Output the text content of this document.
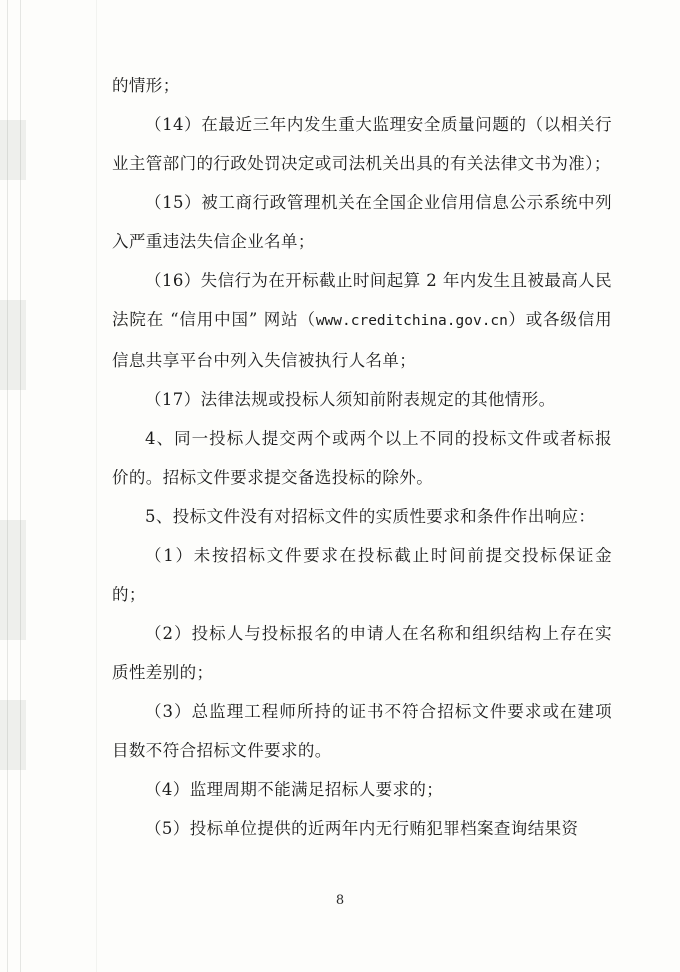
的情形；

（14）在最近三年内发生重大监理安全质量问题的（以相关行业主管部门的行政处罚决定或司法机关出具的有关法律文书为准）；

（15）被工商行政管理机关在全国企业信用信息公示系统中列入严重违法失信企业名单；

（16）失信行为在开标截止时间起算 2 年内发生且被最高人民法院在 “信用中国” 网站（www.creditchina.gov.cn）或各级信用信息共享平台中列入失信被执行人名单；

（17）法律法规或投标人须知前附表规定的其他情形。

4、同一投标人提交两个或两个以上不同的投标文件或者标报价的。招标文件要求提交备选投标的除外。

5、投标文件没有对招标文件的实质性要求和条件作出响应：

（1）未按招标文件要求在投标截止时间前提交投标保证金的；

（2）投标人与投标报名的申请人在名称和组织结构上存在实质性差别的；

（3）总监理工程师所持的证书不符合招标文件要求或在建项目数不符合招标文件要求的。

（4）监理周期不能满足招标人要求的；

（5）投标单位提供的近两年内无行贿犯罪档案查询结果资

8
